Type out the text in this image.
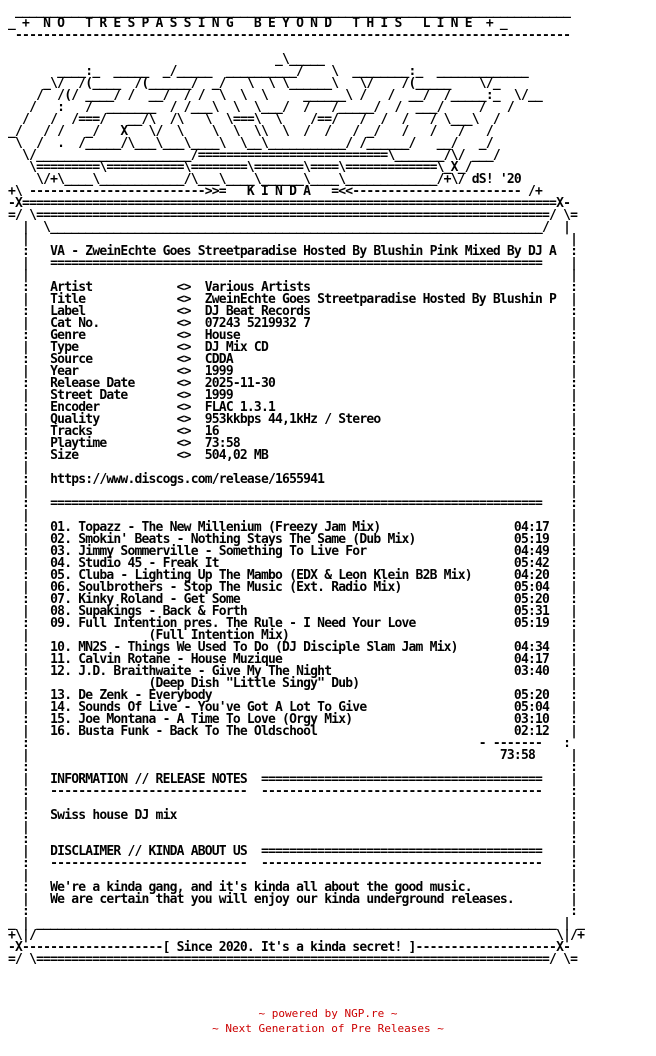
_______________________________________________________________________________
_ +  N O   T R E S P A S S I N G   B E Y O N D   T H I S   L I N E  + _
-------------------------------------------------------------------------------

_\_____
____:_  _____  _/_____  __________/    \  ________:_  _____________
_\/  /(____  /(______/  _/   \  \ \______\   \/    /(_____    \/_
/  /(/ ____/ /  __/  / /  \  \  \     ______\ /   /  __/  /_____:_  \/__
/   :   /  _______  / /___\  \  \___/  /   /_____/  /  ___/     /   /
/   /  /===/   __/\  /\   \  \===\  \    /==/   /  /  /   / \___\  /
_/   / /   _/   X   \/  \    \  \  \\  \  /  /   / _/   /   /   /   /
\  /  .  /_____/\___\___\____\  \__\___________/ /______/   __/   _/
\/______________________/===========================\_______/\/ ___/
\=========\===========\========\=======\====\=============\_X_/
\/+\____\____________/\___\____\______\____\_____________/+\/ dS! '20
+\ ------------------------->>=   K I N D A   =<<------------------------ /+
-X============================================================================X-
=/ \=========================================================================/ \=
|  \______________________________________________________________________/  |
|                                                                             |
:   VA - ZweinEchte Goes Streetparadise Hosted By Blushin Pink Mixed By DJ A  :
|   ======================================================================    |
|                                                                             |
:   Artist            <>  Various Artists                                     :
|   Title             <>  ZweinEchte Goes Streetparadise Hosted By Blushin P  |
:   Label             <>  DJ Beat Records                                     :
|   Cat No.           <>  07243 5219932 7                                     |
:   Genre             <>  House                                               :
|   Type              <>  DJ Mix CD                                           |
:   Source            <>  CDDA                                                :
|   Year              <>  1999                                                |
:   Release Date      <>  2025-11-30                                          :
|   Street Date       <>  1999                                                |
:   Encoder           <>  FLAC 1.3.1                                          :
|   Quality           <>  953kkbps 44,1kHz / Stereo                           |
:   Tracks            <>  16                                                  :
|   Playtime          <>  73:58                                               |
:   Size              <>  504,02 MB                                           :
|                                                                             |
:   https://www.discogs.com/release/1655941                                   :
|                                                                             |
:   ======================================================================    :
|                                                                             |
:   01. Topazz - The New Millenium (Freezy Jam Mix)                   04:17   :
|   02. Smokin' Beats - Nothing Stays The Same (Dub Mix)              05:19   |
:   03. Jimmy Sommerville - Something To Live For                     04:49   :
|   04. Studio 45 - Freak It                                          05:42   |
:   05. Cluba - Lighting Up The Mambo (EDX & Leon Klein B2B Mix)      04:20   :
|   06. Soulbrothers - Stop The Music (Ext. Radio Mix)                05:04   |
:   07. Kinky Roland - Get Some                                       05:20   :
|   08. Supakings - Back & Forth                                      05:31   |
:   09. Full Intention pres. The Rule - I Need Your Love              05:19   :
|                 (Full Intention Mix)                                        |
:   10. MN2S - Things We Used To Do (DJ Disciple Slam Jam Mix)        04:34   :
|   11. Calvin Rotane - House Muzique                                 04:17   |
:   12. J.D. Braithwaite - Give My The Night                          03:40   :
|                 (Deep Dish "Little Singy" Dub)                              |
:   13. De Zenk - Everybody                                           05:20   :
|   14. Sounds Of Live - You've Got A Lot To Give                     05:04   |
:   15. Joe Montana - A Time To Love (Orgy Mix)                       03:10   :
|   16. Busta Funk - Back To The Oldschool                            02:12   |
:                                                                - -------   :
|                                                                   73:58     |
:                                                                             :
|   INFORMATION // RELEASE NOTES  ========================================    |
:   ----------------------------  ----------------------------------------    :
|                                                                             |
:   Swiss house DJ mix                                                        :
|                                                                             |
:                                                                             :
|   DISCLAIMER // KINDA ABOUT US  ========================================    |
:   ----------------------------  ----------------------------------------    :
|                                                                             |
:   We're a kinda gang, and it's kinda all about the good music.              :
|   We are certain that you will enjoy our kinda underground releases.        |
:                                                                             :
_ | __________________________________________________________________________ | _
+\|/                                                                          \|/+
-X--------------------[ Since 2020. It's a kinda secret! ]--------------------X-
=/ \=========================================================================/ \=
~ powered by NGP.re ~
~ Next Generation of Pre Releases ~
